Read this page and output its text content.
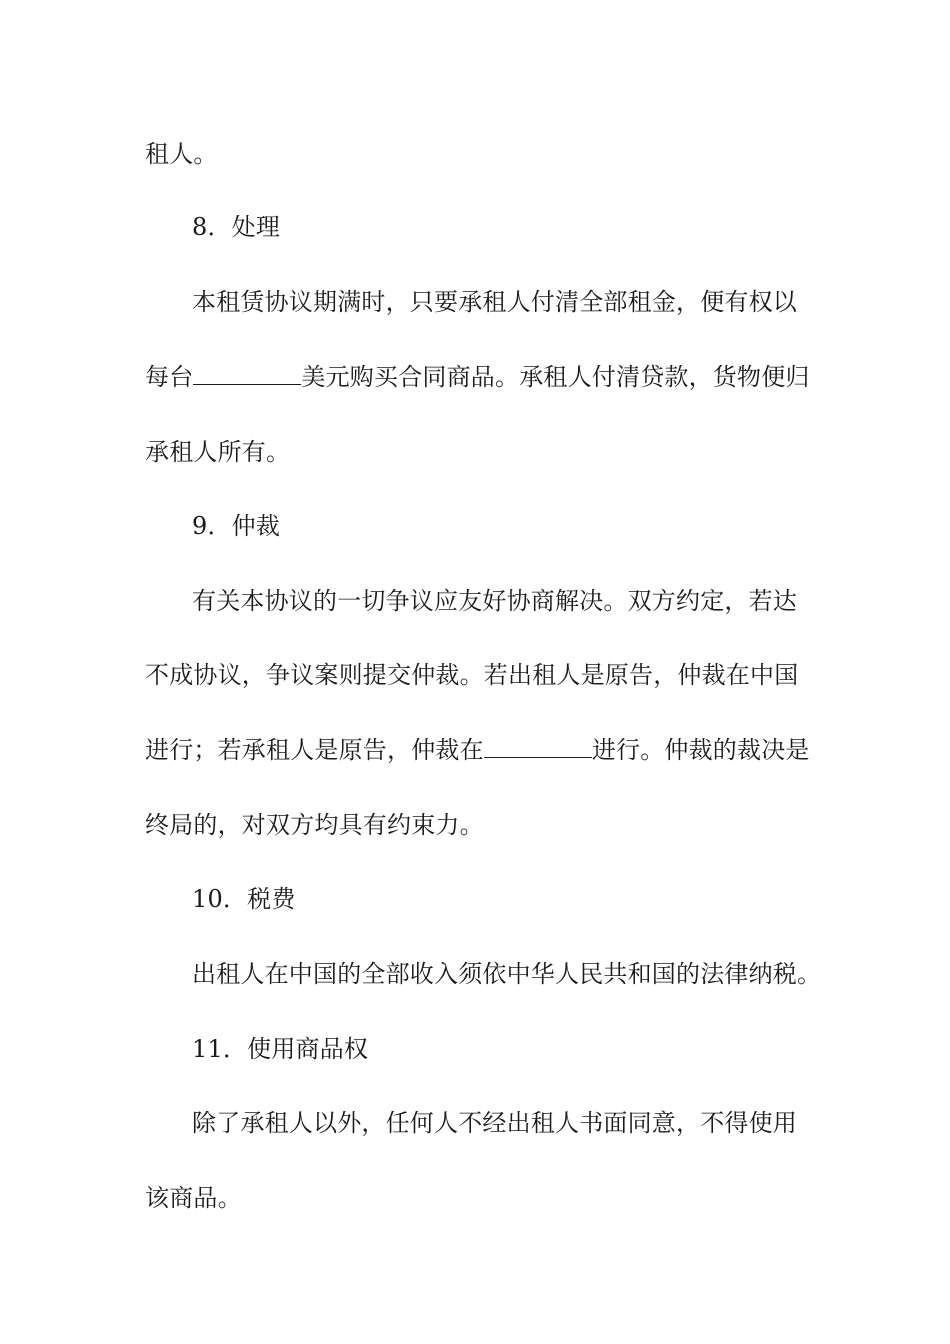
租人。
8．处理
本租赁协议期满时，只要承租人付清全部租金，便有权以
每台	美元购买合同商品。承租人付清贷款，货物便归
承租人所有。
9．仲裁
有关本协议的一切争议应友好协商解决。双方约定，若达
不成协议，争议案则提交仲裁。若出租人是原告，仲裁在中国
进行；若承租人是原告，仲裁在	进行。仲裁的裁决是
终局的，对双方均具有约束力。
10．税费
出租人在中国的全部收入须依中华人民共和国的法律纳税。
11．使用商品权
除了承租人以外，任何人不经出租人书面同意，不得使用
该商品。
